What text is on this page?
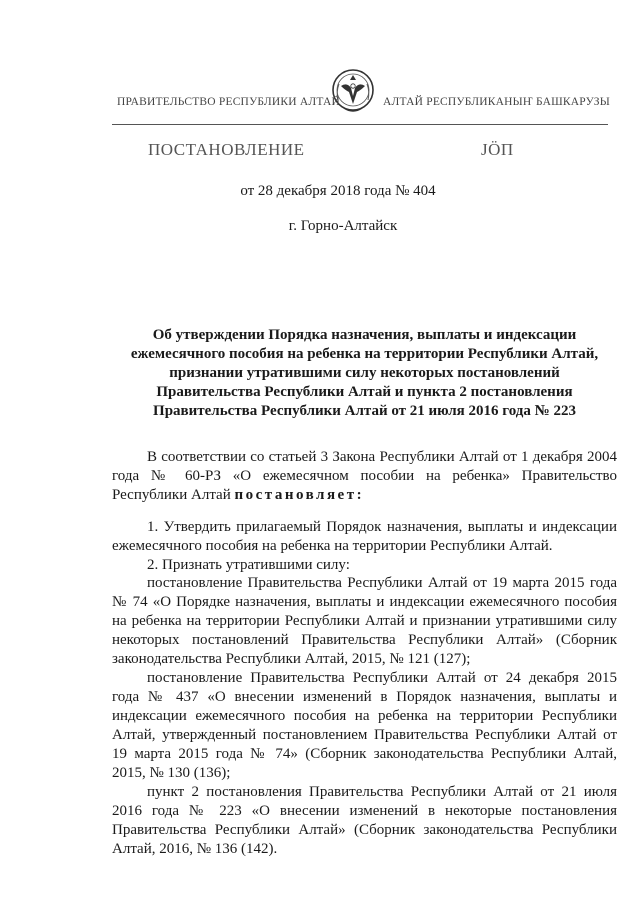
ПРАВИТЕЛЬСТВО РЕСПУБЛИКИ АЛТАЙ	АЛТАЙ РЕСПУБЛИКАНЫҤ БАШКАРУЗЫ
ПОСТАНОВЛЕНИЕ	ЈӦП
от 28 декабря 2018 года № 404
г. Горно-Алтайск
Об утверждении Порядка назначения, выплаты и индексации
ежемесячного пособия на ребенка на территории Республики Алтай,
признании утратившими силу некоторых постановлений
Правительства Республики Алтай и пункта 2 постановления
Правительства Республики Алтай от 21 июля 2016 года № 223

В соответствии со статьей 3 Закона Республики Алтай от 1 декабря 2004 года № 60-РЗ «О ежемесячном пособии на ребенка» Правительство Республики Алтай постановляет:

1. Утвердить прилагаемый Порядок назначения, выплаты и индексации ежемесячного пособия на ребенка на территории Республики Алтай.

2. Признать утратившими силу:

постановление Правительства Республики Алтай от 19 марта 2015 года № 74 «О Порядке назначения, выплаты и индексации ежемесячного пособия на ребенка на территории Республики Алтай и признании утратившими силу некоторых постановлений Правительства Республики Алтай» (Сборник законодательства Республики Алтай, 2015, № 121 (127);

постановление Правительства Республики Алтай от 24 декабря 2015 года № 437 «О внесении изменений в Порядок назначения, выплаты и индексации ежемесячного пособия на ребенка на территории Республики Алтай, утвержденный постановлением Правительства Республики Алтай от 19 марта 2015 года № 74» (Сборник законодательства Республики Алтай, 2015, № 130 (136);

пункт 2 постановления Правительства Республики Алтай от 21 июля 2016 года № 223 «О внесении изменений в некоторые постановления Правительства Республики Алтай» (Сборник законодательства Республики Алтай, 2016, № 136 (142).
